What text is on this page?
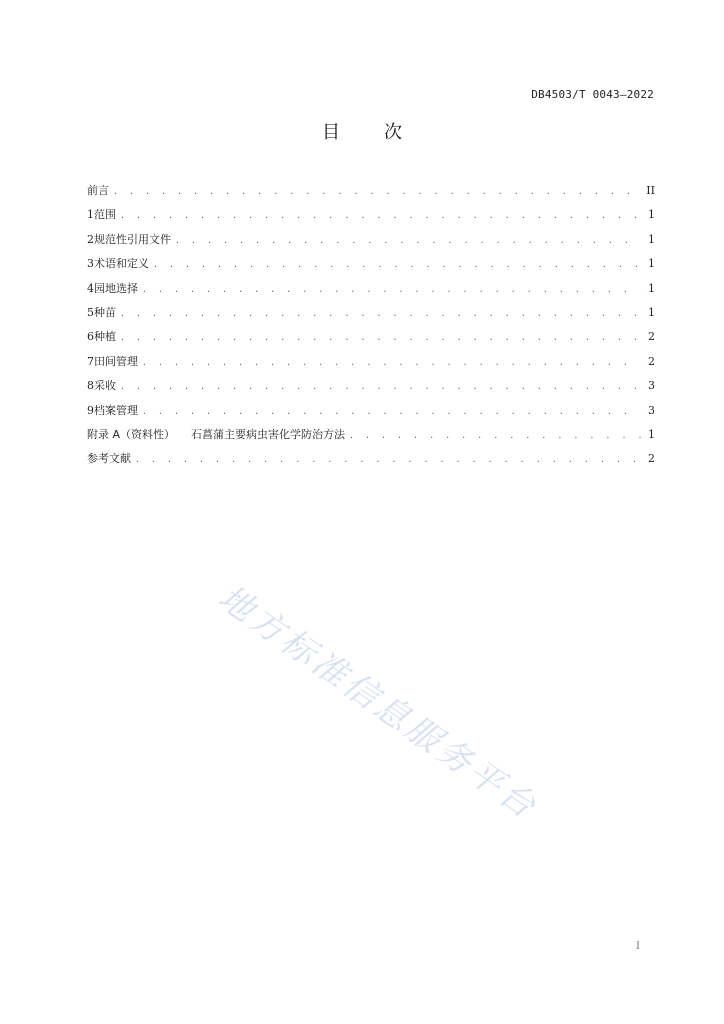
DB4503/T 0043—2022
目 次
前言 . . .	II
1 范围 . . .	1
2 规范性引用文件 . . .	1
3 术语和定义 . . .	1
4 园地选择 . . .	1
5 种苗 . . .	1
6 种植 . . .	2
7 田间管理 . . .	2
8 采收 . . .	3
9 档案管理 . . .	3
附录 A（资料性） 石菖蒲主要病虫害化学防治方法 . . .	1
参考文献 . . .	2
地方标准信息服务平台
I
